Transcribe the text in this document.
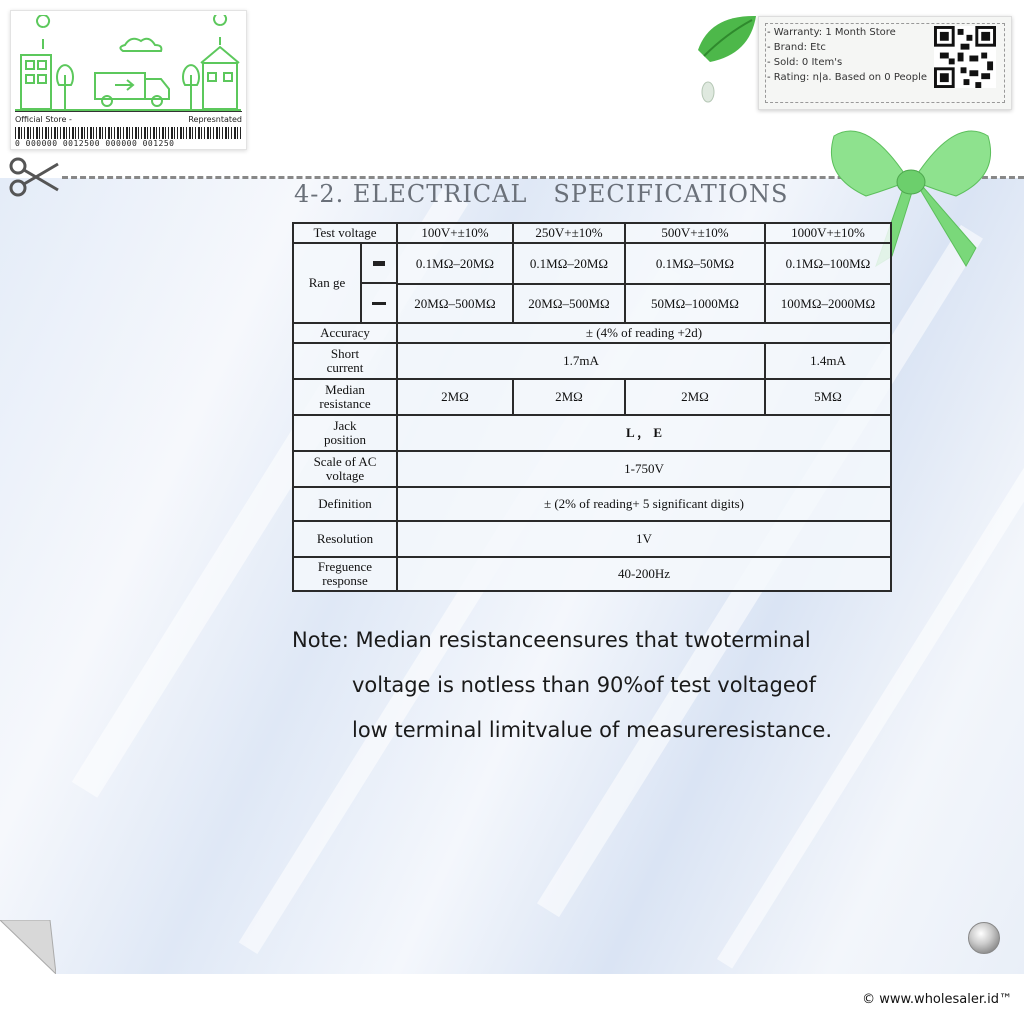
Official Store -	Represntated
0 000000 0012500 000000 001250
- Warranty: 1 Month Store
- Brand: Etc
- Sold: 0 Item's
- Rating: n|a. Based on 0 People
4-2. ELECTRICAL   SPECIFICATIONS
Test voltage	100V+±10%	250V+±10%	500V+±10%	1000V+±10%

Ran ge	0.1MΩ–20MΩ	0.1MΩ–20MΩ	0.1MΩ–50MΩ	0.1MΩ–100MΩ
	20MΩ–500MΩ	20MΩ–500MΩ	50MΩ–1000MΩ	100MΩ–2000MΩ
Accuracy	± (4% of reading +2d)			

Short
current	1.7mA			1.4mA

Median
resistance	2MΩ	2MΩ	2MΩ	5MΩ

Jack
position	L ， E			

Scale of AC
voltage	1-750V			
Definition	± (2% of reading+ 5 significant digits)			
Resolution	1V			

Freguence
response	40-200Hz			
Note: Median resistanceensures that twoterminal
voltage is notless than 90%of test voltageof
low terminal limitvalue of measureresistance.
© www.wholesaler.id™
